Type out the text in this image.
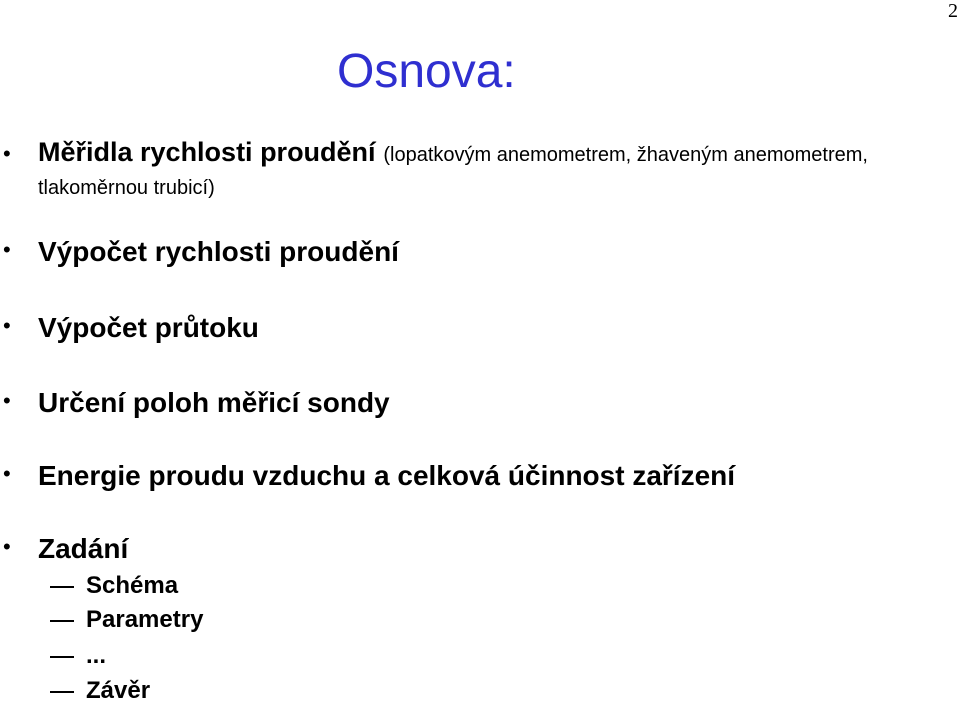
2
Osnova:
• Měřidla rychlosti proudění (lopatkovým anemometrem, žhaveným anemometrem, tlakoměrnou trubicí)
• Výpočet rychlosti proudění
• Výpočet průtoku
• Určení poloh měřicí sondy
• Energie proudu vzduchu a celková účinnost zařízení
• Zadání
Schéma
Parametry
...
Závěr
